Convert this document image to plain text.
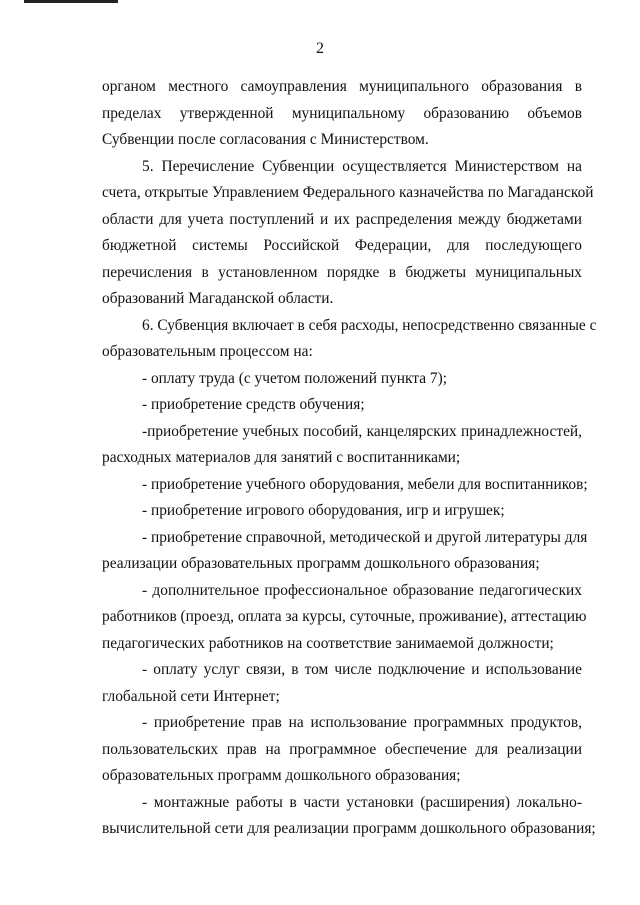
2
органом местного самоуправления муниципального образования в
пределах утвержденной муниципальному образованию объемов
Субвенции после согласования с Министерством.
5. Перечисление Субвенции осуществляется Министерством на
счета, открытые Управлением Федерального казначейства по Магаданской
области для учета поступлений и их распределения между бюджетами
бюджетной системы Российской Федерации, для последующего
перечисления в установленном порядке в бюджеты муниципальных
образований Магаданской области.
6. Субвенция включает в себя расходы, непосредственно связанные с
образовательным процессом на:
- оплату труда (с учетом положений пункта 7);
- приобретение средств обучения;
-приобретение учебных пособий, канцелярских принадлежностей,
расходных материалов для занятий с воспитанниками;
- приобретение учебного оборудования, мебели для воспитанников;
- приобретение игрового оборудования, игр и игрушек;
- приобретение справочной, методической и другой литературы для
реализации образовательных программ дошкольного образования;
- дополнительное профессиональное образование педагогических
работников (проезд, оплата за курсы, суточные, проживание), аттестацию
педагогических работников на соответствие занимаемой должности;
- оплату услуг связи, в том числе подключение и использование
глобальной сети Интернет;
- приобретение прав на использование программных продуктов,
пользовательских прав на программное обеспечение для реализации
образовательных программ дошкольного образования;
- монтажные работы в части установки (расширения) локально-
вычислительной сети для реализации программ дошкольного образования;
